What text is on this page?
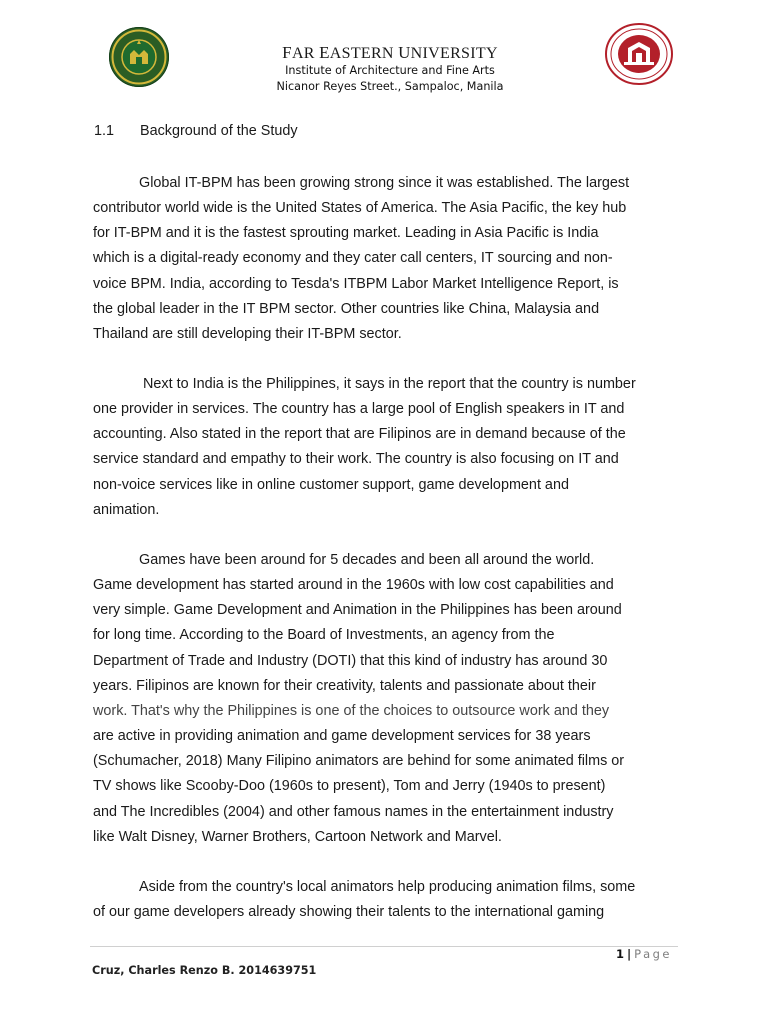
FAR EASTERN UNIVERSITY
Institute of Architecture and Fine Arts
Nicanor Reyes Street., Sampaloc, Manila
1.1 Background of the Study

Global IT-BPM has been growing strong since it was established. The largest
contributor world wide is the United States of America. The Asia Pacific, the key hub
for IT-BPM and it is the fastest sprouting market. Leading in Asia Pacific is India
which is a digital-ready economy and they cater call centers, IT sourcing and non-
voice BPM. India, according to Tesda's ITBPM Labor Market Intelligence Report, is
the global leader in the IT BPM sector. Other countries like China, Malaysia and
Thailand are still developing their IT-BPM sector.

Next to India is the Philippines, it says in the report that the country is number
one provider in services. The country has a large pool of English speakers in IT and
accounting. Also stated in the report that are Filipinos are in demand because of the
service standard and empathy to their work. The country is also focusing on IT and
non-voice services like in online customer support, game development and
animation.

Games have been around for 5 decades and been all around the world.
Game development has started around in the 1960s with low cost capabilities and
very simple. Game Development and Animation in the Philippines has been around
for long time. According to the Board of Investments, an agency from the
Department of Trade and Industry (DOTI) that this kind of industry has around 30
years. Filipinos are known for their creativity, talents and passionate about their
work. That's why the Philippines is one of the choices to outsource work and they
are active in providing animation and game development services for 38 years
(Schumacher, 2018) Many Filipino animators are behind for some animated films or
TV shows like Scooby-Doo (1960s to present), Tom and Jerry (1940s to present)
and The Incredibles (2004) and other famous names in the entertainment industry
like Walt Disney, Warner Brothers, Cartoon Network and Marvel.

Aside from the country's local animators help producing animation films, some
of our game developers already showing their talents to the international gaming

1 | Page
Cruz, Charles Renzo B. 2014639751
